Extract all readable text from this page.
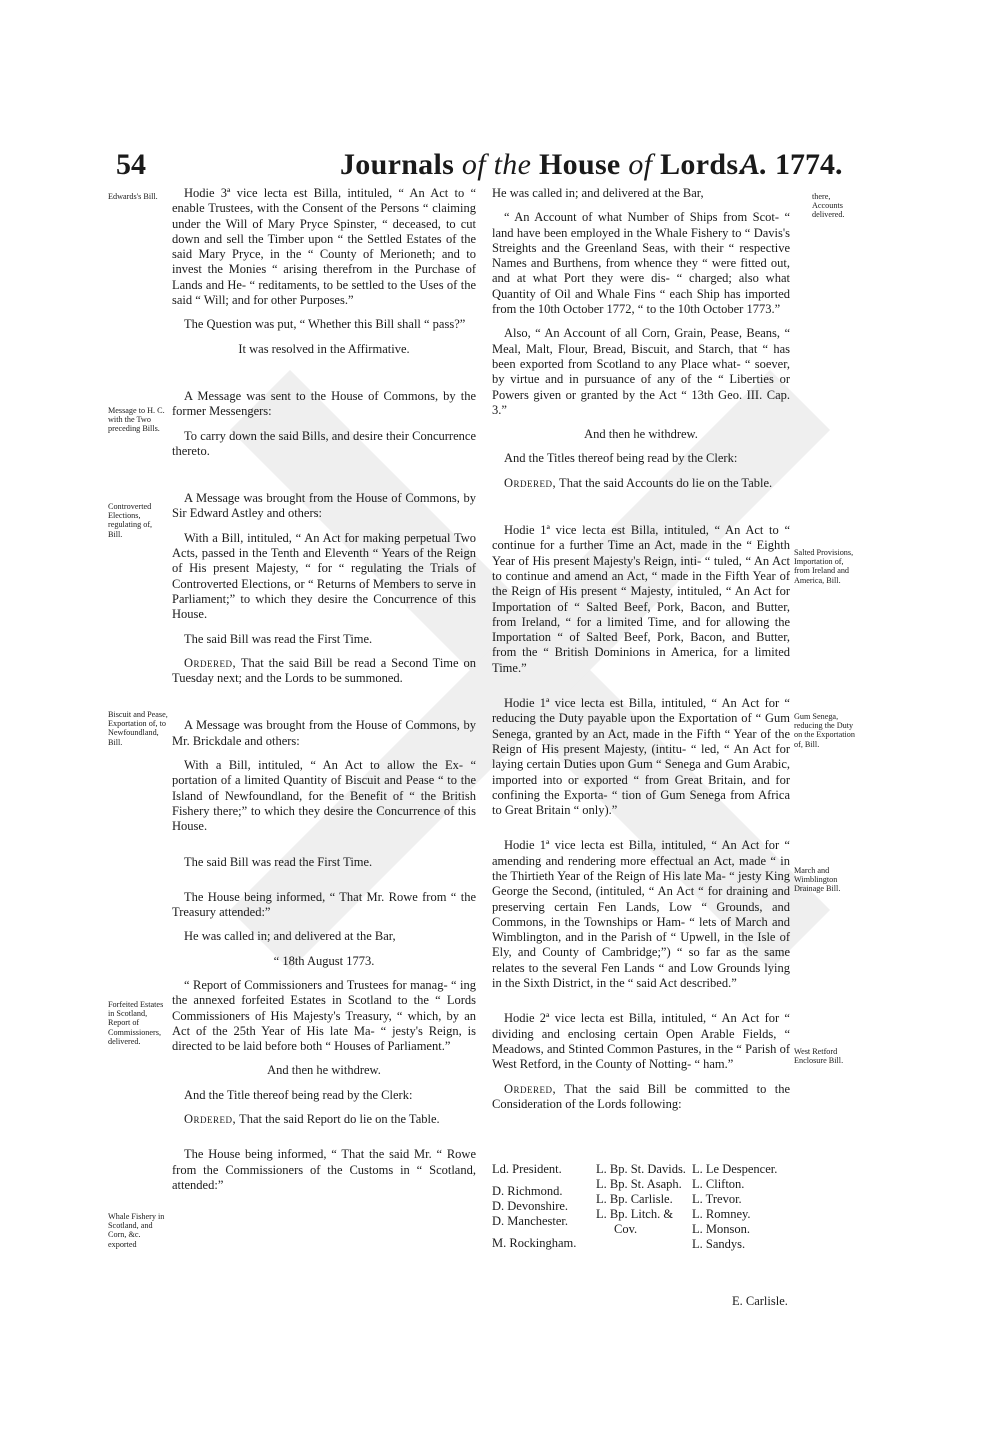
54	Journals of the House of Lords.
A. 1774.
Edwards's Bill.
Message to H. C. with the Two preceding Bills.
Controverted Elections, regulating of, Bill.
Biscuit and Pease, Exportation of, to Newfoundland, Bill.
Forfeited Estates in Scotland, Report of Commissioners, delivered.
Whale Fishery in Scotland, and Corn, &c. exported
there, Accounts delivered.
Salted Provisions, Importation of, from Ireland and America, Bill.
Gum Senega, reducing the Duty on the Exportation of, Bill.
March and Wimblington Drainage Bill.
West Retford Enclosure Bill.

Hodie 3ª vice lecta est Billa, intituled, “ An Act to “ enable Trustees, with the Consent of the Persons “ claiming under the Will of Mary Pryce Spinster, “ deceased, to cut down and sell the Timber upon “ the Settled Estates of the said Mary Pryce, in the “ County of Merioneth; and to invest the Monies “ arising therefrom in the Purchase of Lands and He- “ reditaments, to be settled to the Uses of the said “ Will; and for other Purposes.”

The Question was put, “ Whether this Bill shall “ pass?”

It was resolved in the Affirmative.

A Message was sent to the House of Commons, by the former Messengers:

To carry down the said Bills, and desire their Concurrence thereto.

A Message was brought from the House of Commons, by Sir Edward Astley and others:

With a Bill, intituled, “ An Act for making perpetual Two Acts, passed in the Tenth and Eleventh “ Years of the Reign of His present Majesty, “ for “ regulating the Trials of Controverted Elections, or “ Returns of Members to serve in Parliament;” to which they desire the Concurrence of this House.

The said Bill was read the First Time.

Ordered, That the said Bill be read a Second Time on Tuesday next; and the Lords to be summoned.

A Message was brought from the House of Commons, by Mr. Brickdale and others:

With a Bill, intituled, “ An Act to allow the Ex- “ portation of a limited Quantity of Biscuit and Pease “ to the Island of Newfoundland, for the Benefit of “ the British Fishery there;” to which they desire the Concurrence of this House.

The said Bill was read the First Time.

The House being informed, “ That Mr. Rowe from “ the Treasury attended:”

He was called in; and delivered at the Bar,

“ 18th August 1773.

“ Report of Commissioners and Trustees for manag- “ ing the annexed forfeited Estates in Scotland to the “ Lords Commissioners of His Majesty's Treasury, “ which, by an Act of the 25th Year of His late Ma- “ jesty's Reign, is directed to be laid before both “ Houses of Parliament.”

And then he withdrew.

And the Title thereof being read by the Clerk:

Ordered, That the said Report do lie on the Table.

The House being informed, “ That the said Mr. “ Rowe from the Commissioners of the Customs in “ Scotland, attended:”

He was called in; and delivered at the Bar,

“ An Account of what Number of Ships from Scot- “ land have been employed in the Whale Fishery to “ Davis's Streights and the Greenland Seas, with their “ respective Names and Burthens, from whence they “ were fitted out, and at what Port they were dis- “ charged; also what Quantity of Oil and Whale Fins “ each Ship has imported from the 10th October 1772, “ to the 10th October 1773.”

Also, “ An Account of all Corn, Grain, Pease, Beans, “ Meal, Malt, Flour, Bread, Biscuit, and Starch, that “ has been exported from Scotland to any Place what- “ soever, by virtue and in pursuance of any of the “ Liberties or Powers given or granted by the Act “ 13th Geo. III. Cap. 3.”

And then he withdrew.

And the Titles thereof being read by the Clerk:

Ordered, That the said Accounts do lie on the Table.

Hodie 1ª vice lecta est Billa, intituled, “ An Act to “ continue for a further Time an Act, made in the “ Eighth Year of His present Majesty's Reign, inti- “ tuled, “ An Act to continue and amend an Act, “ made in the Fifth Year of the Reign of His present “ Majesty, intituled, “ An Act for Importation of “ Salted Beef, Pork, Bacon, and Butter, from Ireland, “ for a limited Time, and for allowing the Importation “ of Salted Beef, Pork, Bacon, and Butter, from the “ British Dominions in America, for a limited Time.”

Hodie 1ª vice lecta est Billa, intituled, “ An Act for “ reducing the Duty payable upon the Exportation of “ Gum Senega, granted by an Act, made in the Fifth “ Year of the Reign of His present Majesty, (intitu- “ led, “ An Act for laying certain Duties upon Gum “ Senega and Gum Arabic, imported into or exported “ from Great Britain, and for confining the Exporta- “ tion of Gum Senega from Africa to Great Britain “ only).”

Hodie 1ª vice lecta est Billa, intituled, “ An Act for “ amending and rendering more effectual an Act, made “ in the Thirtieth Year of the Reign of His late Ma- “ jesty King George the Second, (intituled, “ An Act “ for draining and preserving certain Fen Lands, Low “ Grounds, and Commons, in the Townships or Ham- “ lets of March and Wimblington, and in the Parish of “ Upwell, in the Isle of Ely, and County of Cambridge;”) “ so far as the same relates to the several Fen Lands “ and Low Grounds lying in the Sixth District, in the “ said Act described.”

Hodie 2ª vice lecta est Billa, intituled, “ An Act for “ dividing and enclosing certain Open Arable Fields, “ Meadows, and Stinted Common Pastures, in the “ Parish of West Retford, in the County of Notting- “ ham.”

Ordered, That the said Bill be committed to the Consideration of the Lords following:

Ld. President.
D. Richmond.
D. Devonshire.
D. Manchester.
M. Rockingham.
L. Bp. St. Davids.
L. Bp. St. Asaph.
L. Bp. Carlisle.
L. Bp. Litch. &
Cov.
L. Le Despencer.
L. Clifton.
L. Trevor.
L. Romney.
L. Monson.
L. Sandys.
E. Carlisle.
